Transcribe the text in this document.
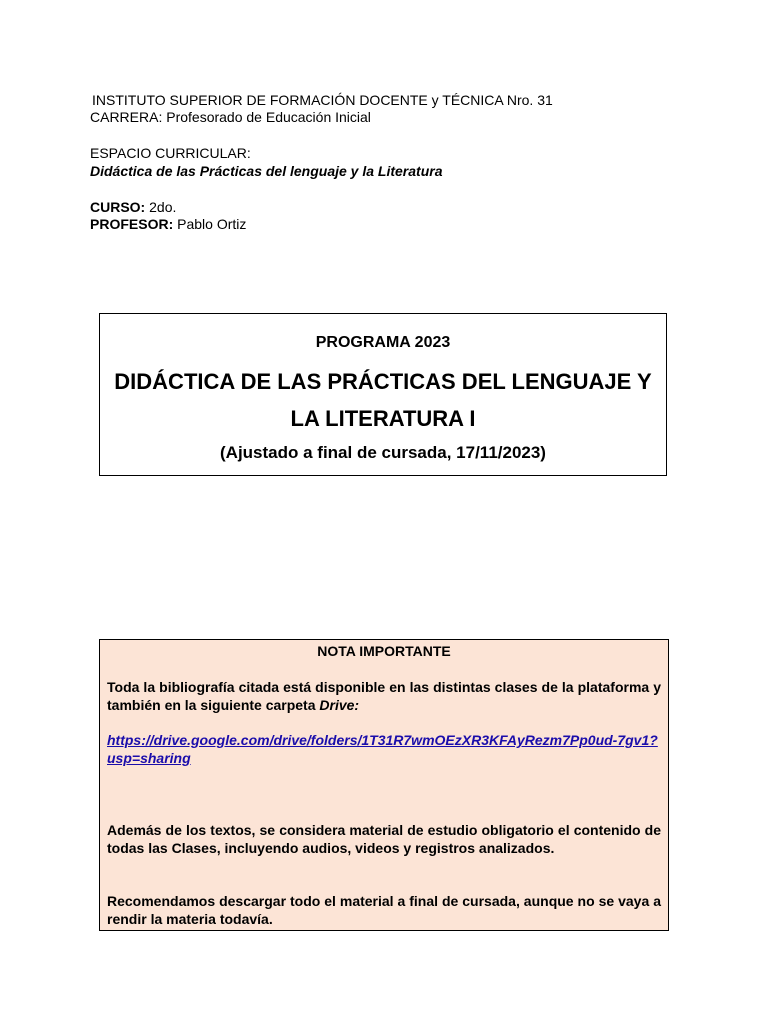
INSTITUTO SUPERIOR DE FORMACIÓN DOCENTE y TÉCNICA Nro. 31
CARRERA: Profesorado de Educación Inicial
ESPACIO CURRICULAR:
Didáctica de las Prácticas del lenguaje y la Literatura
CURSO: 2do.
PROFESOR: Pablo Ortiz
PROGRAMA 2023
DIDÁCTICA DE LAS PRÁCTICAS DEL LENGUAJE Y
LA LITERATURA I
(Ajustado a final de cursada, 17/11/2023)
NOTA IMPORTANTE
Toda la bibliografía citada está disponible en las distintas clases de la plataforma y también en la siguiente carpeta Drive:
https://drive.google.com/drive/folders/1T31R7wmOEzXR3KFAyRezm7Pp0ud-7gv1?usp=sharing
Además de los textos, se considera material de estudio obligatorio el contenido de todas las Clases, incluyendo audios, videos y registros analizados.
Recomendamos descargar todo el material a final de cursada, aunque no se vaya a rendir la materia todavía.
